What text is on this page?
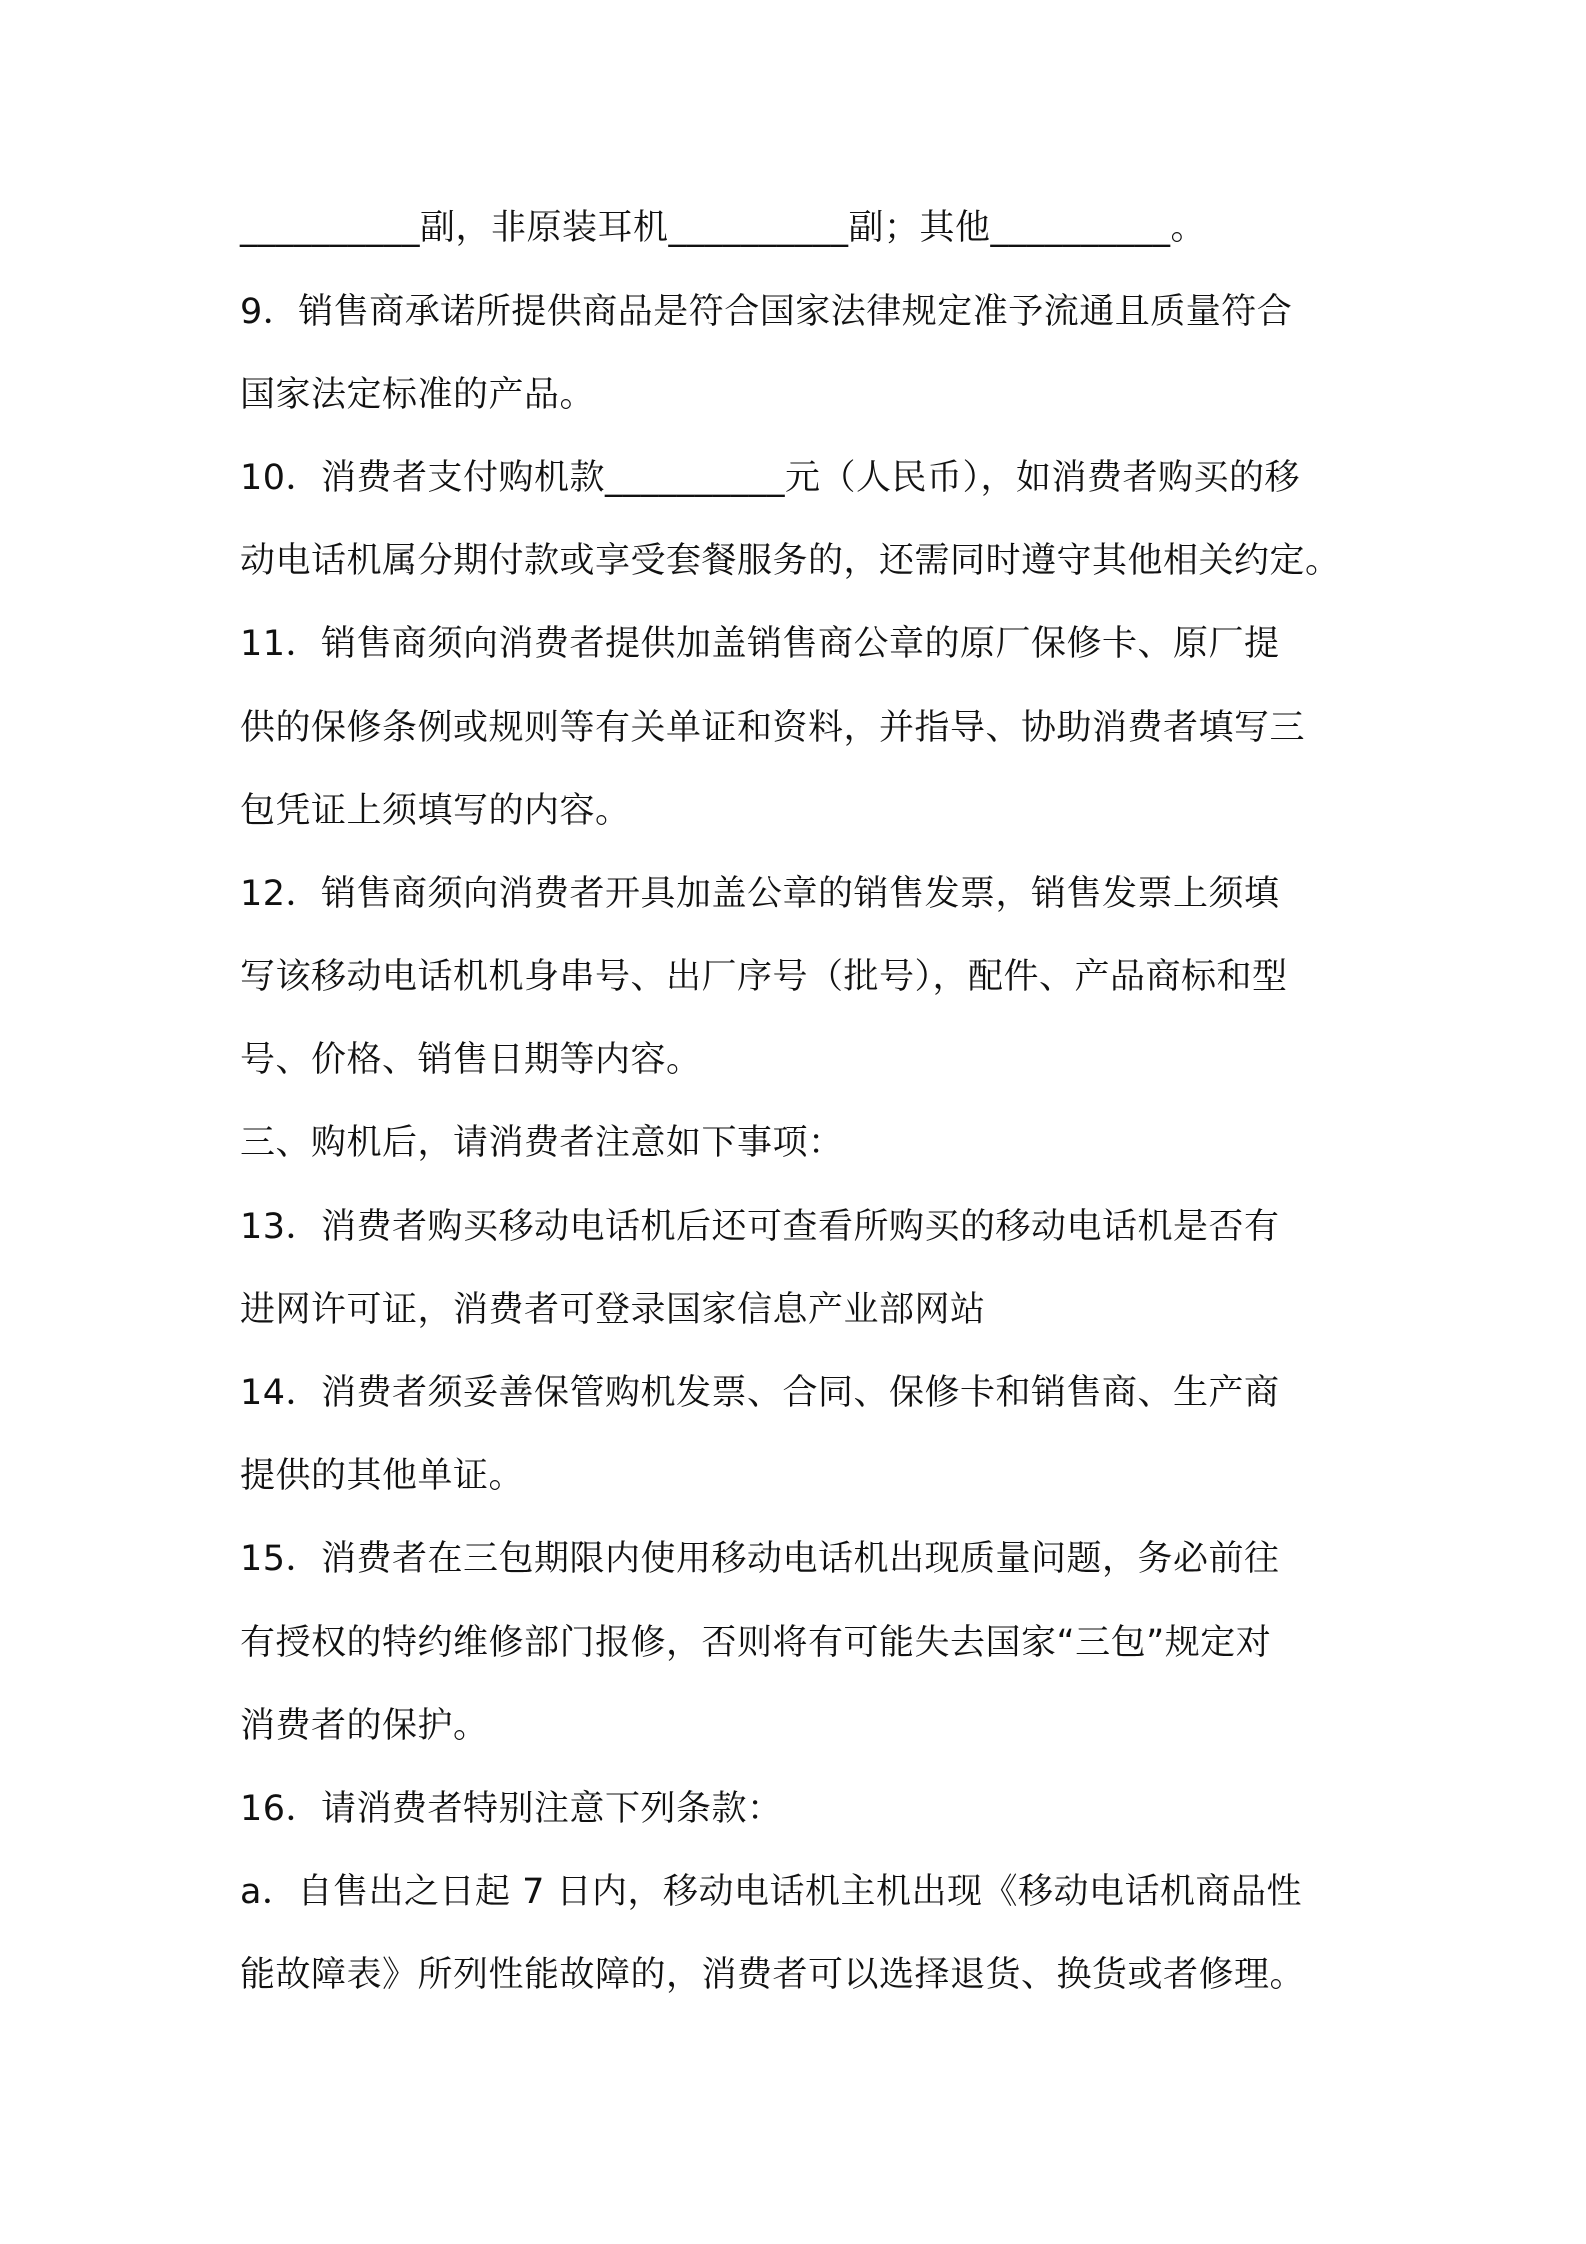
__________副，非原装耳机__________副；其他__________。
9．销售商承诺所提供商品是符合国家法律规定准予流通且质量符合
国家法定标准的产品。
10．消费者支付购机款__________元（人民币），如消费者购买的移
动电话机属分期付款或享受套餐服务的，还需同时遵守其他相关约定。
11．销售商须向消费者提供加盖销售商公章的原厂保修卡、原厂提
供的保修条例或规则等有关单证和资料，并指导、协助消费者填写三
包凭证上须填写的内容。
12．销售商须向消费者开具加盖公章的销售发票，销售发票上须填
写该移动电话机机身串号、出厂序号（批号），配件、产品商标和型
号、价格、销售日期等内容。
三、购机后，请消费者注意如下事项：
13．消费者购买移动电话机后还可查看所购买的移动电话机是否有
进网许可证，消费者可登录国家信息产业部网站
14．消费者须妥善保管购机发票、合同、保修卡和销售商、生产商
提供的其他单证。
15．消费者在三包期限内使用移动电话机出现质量问题，务必前往
有授权的特约维修部门报修，否则将有可能失去国家“三包”规定对
消费者的保护。
16．请消费者特别注意下列条款：
a．自售出之日起 7 日内，移动电话机主机出现《移动电话机商品性
能故障表》所列性能故障的，消费者可以选择退货、换货或者修理。
